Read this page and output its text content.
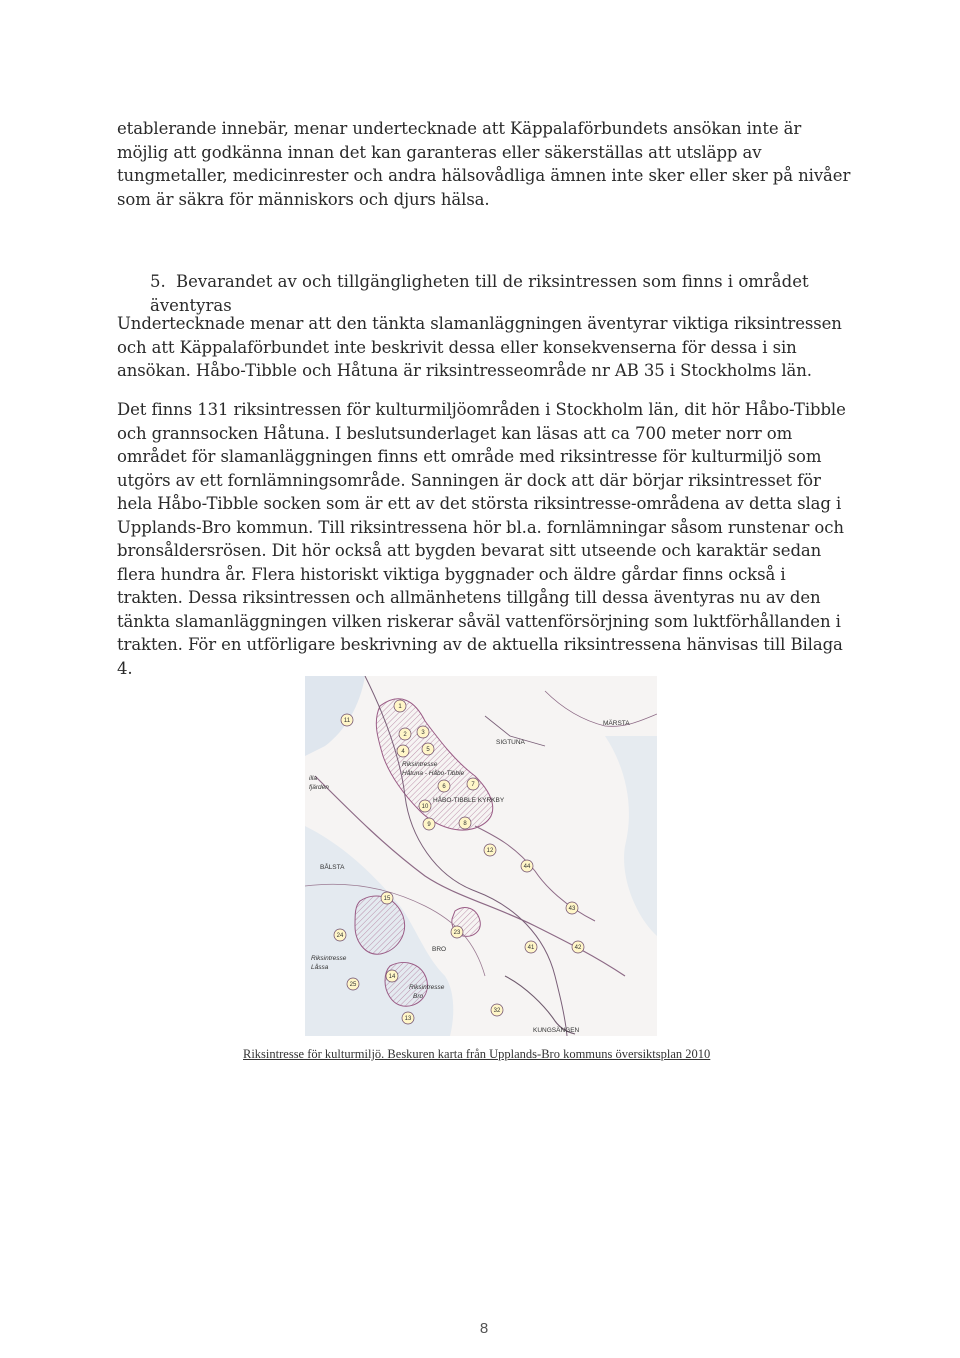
etablerande innebär, menar undertecknade att Käppalaförbundets ansökan inte är möjlig att godkänna innan det kan garanteras eller säkerställas att utsläpp av tungmetaller, medicinrester och andra hälsovådliga ämnen inte sker eller sker på nivåer som är säkra för människors och djurs hälsa.

5. Bevarandet av och tillgängligheten till de riksintressen som finns i området äventyras

Undertecknade menar att den tänkta slamanläggningen äventyrar viktiga riksintressen och att Käppalaförbundet inte beskrivit dessa eller konsekvenserna för dessa i sin ansökan. Håbo-Tibble och Håtuna är riksintresseområde nr AB 35 i Stockholms län.

Det finns 131 riksintressen för kulturmiljöområden i Stockholm län, dit hör Håbo-Tibble och grannsocken Håtuna. I beslutsunderlaget kan läsas att ca 700 meter norr om området för slamanläggningen finns ett område med riksintresse för kulturmiljö som utgörs av ett fornlämningsområde. Sanningen är dock att där börjar riksintresset för hela Håbo-Tibble socken som är ett av det största riksintresse-områdena av detta slag i Upplands-Bro kommun. Till riksintressena hör bl.a. fornlämningar såsom runstenar och bronsåldersrösen. Dit hör också att bygden bevarat sitt utseende och karaktär sedan flera hundra år. Flera historiskt viktiga byggnader och äldre gårdar finns också i trakten. Dessa riksintressen och allmänhetens tillgång till dessa äventyras nu av den tänkta slamanläggningen vilken riskerar såväl vattenförsörjning som luktförhållanden i trakten. För en utförligare beskrivning av de aktuella riksintressena hänvisas till Bilaga 4.

MÄRSTA
SIGTUNA
Riksintresse
Håtuna - Håbo-Tibble
HÅBO-TIBBLE KYRKBY
illa
fjärden
BÅLSTA
BRO
Riksintresse
Låssa
Riksintresse
Bro
KUNGSÄNGEN
11
1
2 3
4	5
6	7
10
9	8
12
44
43
15
24	23
41	42
14
25
32
13

Riksintresse för kulturmiljö. Beskuren karta från Upplands-Bro kommuns översiktsplan 2010

8
